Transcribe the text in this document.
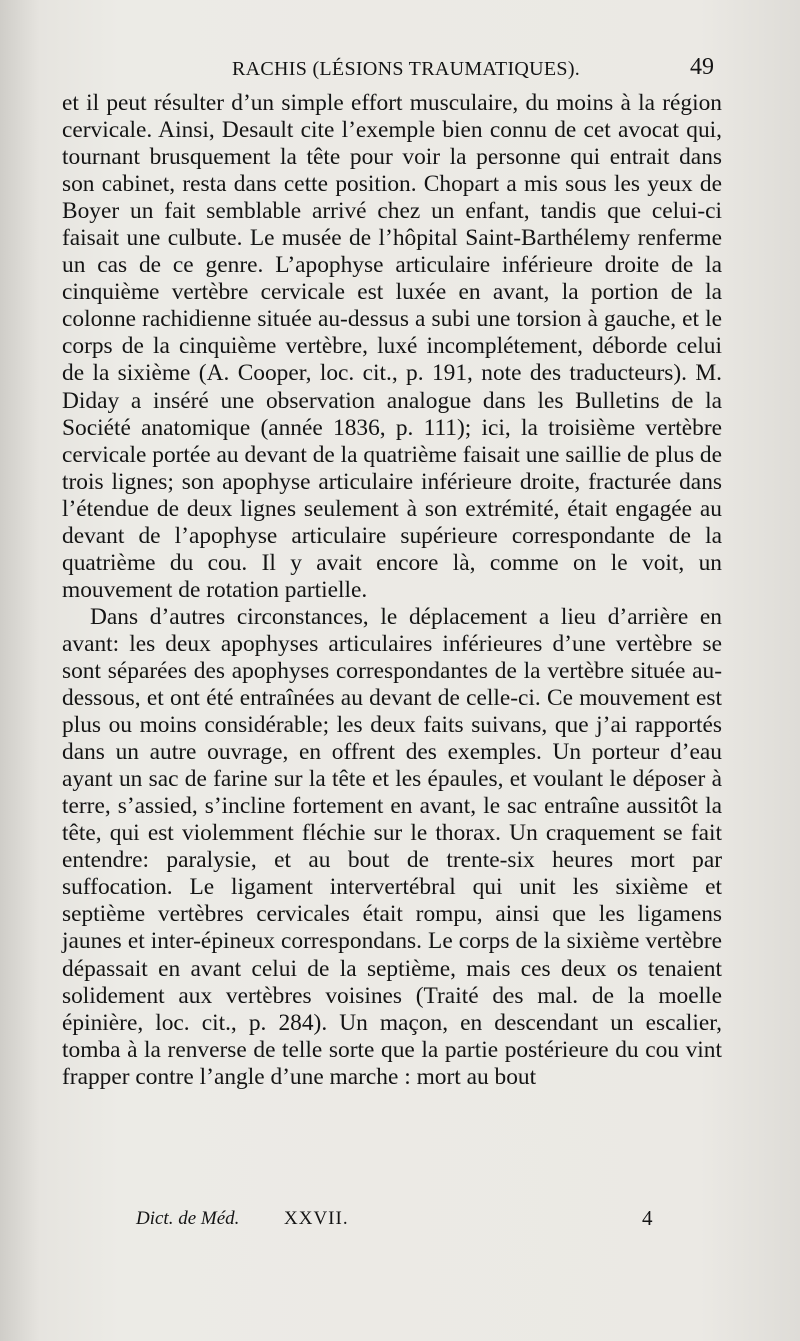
RACHIS (LÉSIONS TRAUMATIQUES).	49

et il peut résulter d’un simple effort musculaire, du moins à la région cervicale. Ainsi, Desault cite l’exemple bien connu de cet avocat qui, tournant brusquement la tête pour voir la personne qui entrait dans son cabinet, resta dans cette position. Chopart a mis sous les yeux de Boyer un fait semblable arrivé chez un enfant, tandis que celui-ci faisait une culbute. Le musée de l’hôpital Saint-Barthélemy renferme un cas de ce genre. L’apophyse articulaire inférieure droite de la cinquième vertèbre cervicale est luxée en avant, la portion de la colonne rachidienne située au-dessus a subi une torsion à gauche, et le corps de la cinquième vertèbre, luxé incomplétement, déborde celui de la sixième (A. Cooper, loc. cit., p. 191, note des traducteurs). M. Diday a inséré une observation analogue dans les Bulletins de la Société anatomique (année 1836, p. 111); ici, la troisième vertèbre cervicale portée au devant de la quatrième faisait une saillie de plus de trois lignes; son apophyse articulaire inférieure droite, fracturée dans l’étendue de deux lignes seulement à son extrémité, était engagée au devant de l’apophyse articulaire supérieure correspondante de la quatrième du cou. Il y avait encore là, comme on le voit, un mouvement de rotation partielle.

Dans d’autres circonstances, le déplacement a lieu d’arrière en avant: les deux apophyses articulaires inférieures d’une vertèbre se sont séparées des apophyses correspondantes de la vertèbre située au-dessous, et ont été entraînées au devant de celle-ci. Ce mouvement est plus ou moins considérable; les deux faits suivans, que j’ai rapportés dans un autre ouvrage, en offrent des exemples. Un porteur d’eau ayant un sac de farine sur la tête et les épaules, et voulant le déposer à terre, s’assied, s’incline fortement en avant, le sac entraîne aussitôt la tête, qui est violemment fléchie sur le thorax. Un craquement se fait entendre: paralysie, et au bout de trente-six heures mort par suffocation. Le ligament intervertébral qui unit les sixième et septième vertèbres cervicales était rompu, ainsi que les ligamens jaunes et inter-épineux correspondans. Le corps de la sixième vertèbre dépassait en avant celui de la septième, mais ces deux os tenaient solidement aux vertèbres voisines (Traité des mal. de la moelle épinière, loc. cit., p. 284). Un maçon, en descendant un escalier, tomba à la renverse de telle sorte que la partie postérieure du cou vint frapper contre l’angle d’une marche : mort au bout

Dict. de Méd. XXVII.	4
